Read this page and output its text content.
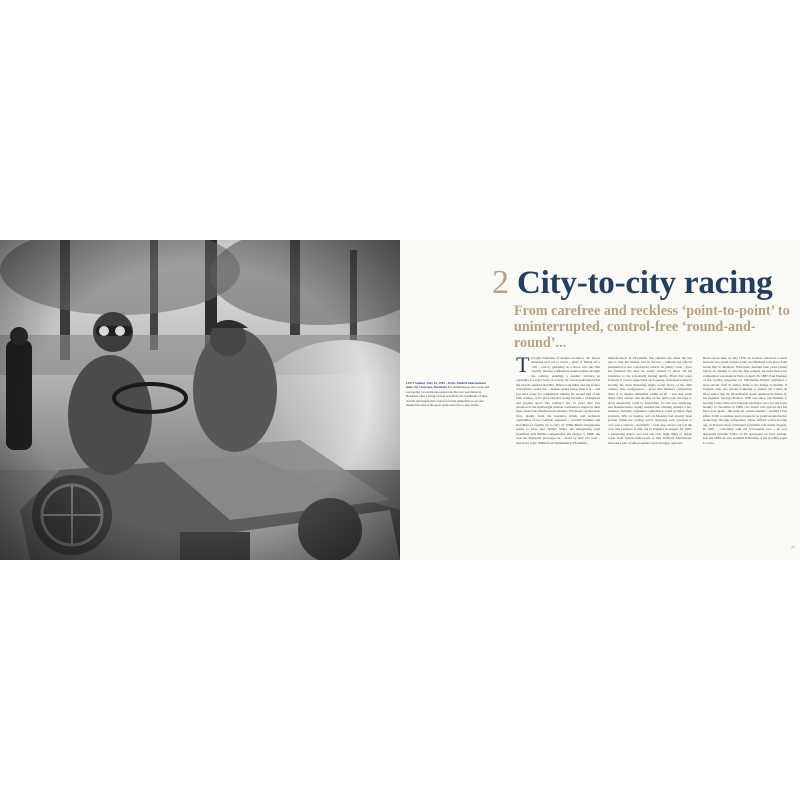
LEFT Sunday, May 24, 1903 – Paris–Madrid international inter-city road race, Bordeaux For simultaneous race-cycle and road-going car on the one open road, the race was halted at Bordeaux after a string of fatal accidents; the conditions of dust, crowds and unguarded roads forced the authorities to act and marked the end of the great open-road city-to-city events.
2 City-to-city racing
From carefree and reckless ‘point-to-point’ to uninterrupted, control-free ‘round-and-round’...
Through millennia of human evolution, the fastest mankind ever got to travel – short of falling off a cliff – was by galloping on a horse. Into the 19th century, internal combustion steam engines brought the railway, enabling a seismic advance in capability for every level of society. At a more individual level the bicycle sparked mobility. Riders took bikes and ran from a conveyance; pedal two – human nature being what it is – and you have scope for competition. During the second half of the 19th century, cycle (and tricycle) racing became a widespread and popular sport. The century's last 15 years then saw adoption of the lightweight internal combustion engine in their three- then four-wheeled road vehicles. The motor car had been born, mainly from the inventive minds and technical capabilities of two German engineers – Gottlieb Daimler and Karl Benz (a capable car to carry it). While Benz's imagination seems to have had distinct limits, his enterprising (and beautiful) wife Bertha compensated. On August 5, 1888, she took her husband's prototype car – aided by their two sons – and drove it the 106km from Mannheim to Pforzheim.
Manufacturers in Pforzheim. She claimed she made the trip just to visit her mother, but its success – without any official permission to use a motorised vehicle on public roads – gave her husband the kick he sorely needed to show off his invention to the potentially buying public. From that point forward, it can be argued that such speedy, motorised transport became the most liberating single social factor of the 20th century. One consequence – given that human's competitive drive is so deeply embedded within us all – was that when many early owners met another on the open road, the urge to show superiority could be irresistible. To win was satisfying, and manufacturers rapidly realised that winning perhaps a pre-planned, formally organised competition could promote their products. Win on Sunday, sell on Monday had already been proven within the cycling world. Applying such practices to cars was a natural – inevitable – next step. Stress can fell the way. The evidence is thin, but in England on August 30, 1867, a pioneering match race was run over eight miles of public roads from Ashton-under-Lyne to Old Trafford, Manchester, between a pair of self-propelled road carriages, opposed.
Hence more later, in July 1878, an isolated American contest between two steam wagons (only one finished) took place from Green Bay to Madison, Wisconsin. Another nine years passed before an attempt to run the first reliably reported motor-car competition was made in Paris on April 20, 1887. Paul Faussier of the cycling magazine Le Vélocipède Illustré organised a short circuit from St James, Paris to the bridge at Neuilly. It flopped, only one entrant bothering to attend: the Comte de Dion with a tiny De Dion-Bouton steam quadricycle driven by his engineer Georges Bouton. With one entry, one finisher, it became a mere time trial. Faussier persisted, ran a second event Neuilly to Versailles in 1888, two steam cars arrived and De Dion won again – this time 'on a three-wheeler – beating a fast pillar. It fell to another press proprietor to promote automotive technology through competition. Pierre Giffard would become one of France's most celebrated journalists and media moguls. In 1887 – coinciding with the Vélocipède race – he was appointed dynamic Editor of the newspaper Le Petit Journal. Into the 1890s he also assumed Editorship of the sporting paper Le Vélo.
77
